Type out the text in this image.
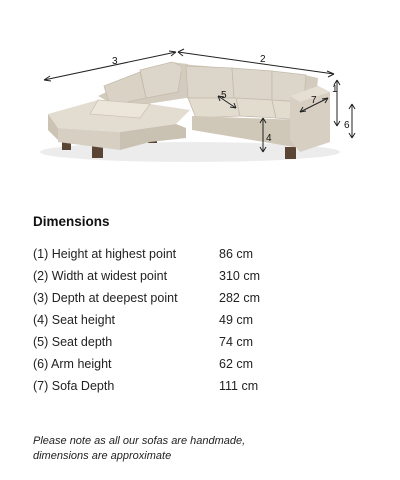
3	2
1
6
7
5
4
Dimensions
(1) Height at highest point	86 cm
(2) Width at widest point	310 cm
(3) Depth at deepest point	282 cm
(4) Seat height	49 cm
(5) Seat depth	74 cm
(6) Arm height	62 cm
(7) Sofa Depth	111 cm
Please note as all our sofas are handmade,
dimensions are approximate
